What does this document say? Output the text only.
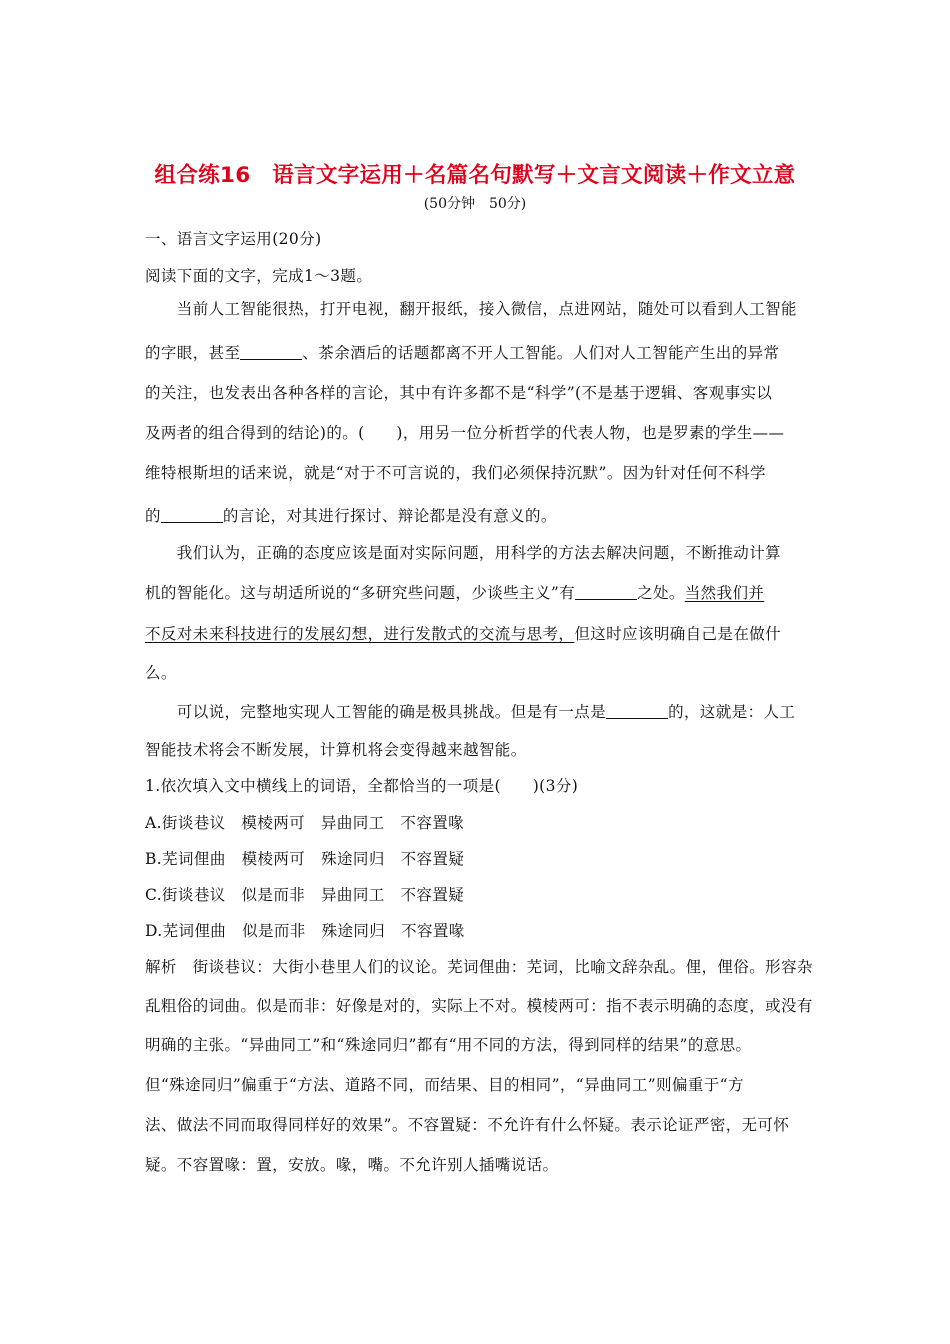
组合练16　语言文字运用＋名篇名句默写＋文言文阅读＋作文立意
(50分钟　50分)
一、语言文字运用(20分)
阅读下面的文字，完成1～3题。
　　当前人工智能很热，打开电视，翻开报纸，接入微信，点进网站，随处可以看到人工智能
的字眼，甚至	、茶余酒后的话题都离不开人工智能。人们对人工智能产生出的异常
的关注，也发表出各种各样的言论，其中有许多都不是“科学”(不是基于逻辑、客观事实以
及两者的组合得到的结论)的。(　　)，用另一位分析哲学的代表人物，也是罗素的学生——
维特根斯坦的话来说，就是“对于不可言说的，我们必须保持沉默”。因为针对任何不科学
的	的言论，对其进行探讨、辩论都是没有意义的。
　　我们认为，正确的态度应该是面对实际问题，用科学的方法去解决问题，不断推动计算
机的智能化。这与胡适所说的“多研究些问题，少谈些主义”有	之处。当然我们并
不反对未来科技进行的发展幻想，进行发散式的交流与思考，但这时应该明确自己是在做什
么。
　　可以说，完整地实现人工智能的确是极具挑战。但是有一点是	的，这就是：人工
智能技术将会不断发展，计算机将会变得越来越智能。
1.依次填入文中横线上的词语，全都恰当的一项是(　　)(3分)
A.街谈巷议　模棱两可　异曲同工　不容置喙
B.芜词俚曲　模棱两可　殊途同归　不容置疑
C.街谈巷议　似是而非　异曲同工　不容置疑
D.芜词俚曲　似是而非　殊途同归　不容置喙
解析　街谈巷议：大街小巷里人们的议论。芜词俚曲：芜词，比喻文辞杂乱。俚，俚俗。形容杂
乱粗俗的词曲。似是而非：好像是对的，实际上不对。模棱两可：指不表示明确的态度，或没有
明确的主张。“异曲同工”和“殊途同归”都有“用不同的方法，得到同样的结果”的意思。
但“殊途同归”偏重于“方法、道路不同，而结果、目的相同”，“异曲同工”则偏重于“方
法、做法不同而取得同样好的效果”。不容置疑：不允许有什么怀疑。表示论证严密，无可怀
疑。不容置喙：置，安放。喙，嘴。不允许别人插嘴说话。
